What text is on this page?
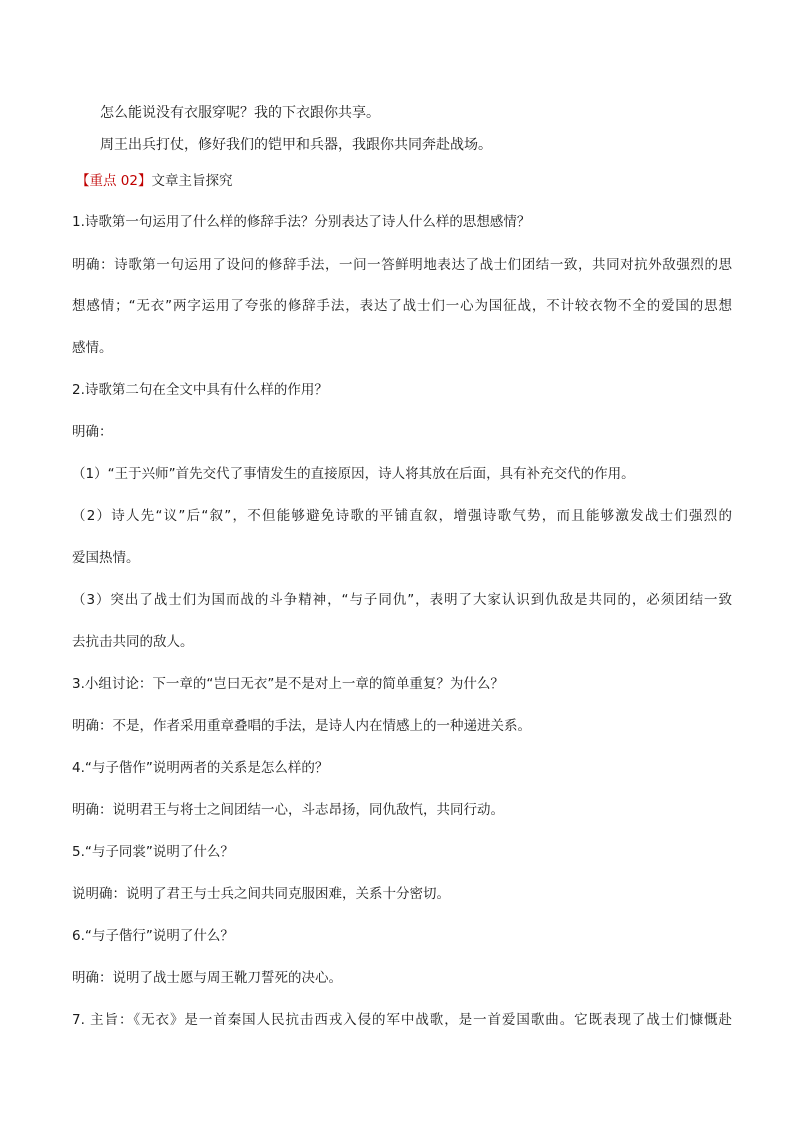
怎么能说没有衣服穿呢？我的下衣跟你共享。
周王出兵打仗，修好我们的铠甲和兵器，我跟你共同奔赴战场。
【重点 02】文章主旨探究
1.诗歌第一句运用了什么样的修辞手法？分别表达了诗人什么样的思想感情？
明确：诗歌第一句运用了设问的修辞手法，一问一答鲜明地表达了战士们团结一致，共同对抗外敌强烈的思
想感情；“无衣”两字运用了夸张的修辞手法，表达了战士们一心为国征战，不计较衣物不全的爱国的思想
感情。
2.诗歌第二句在全文中具有什么样的作用？
明确：
（1）“王于兴师”首先交代了事情发生的直接原因，诗人将其放在后面，具有补充交代的作用。
（2）诗人先“议”后“叙”，不但能够避免诗歌的平铺直叙，增强诗歌气势，而且能够激发战士们强烈的
爱国热情。
（3）突出了战士们为国而战的斗争精神，“与子同仇”，表明了大家认识到仇敌是共同的，必须团结一致
去抗击共同的敌人。
3.小组讨论：下一章的“岂曰无衣”是不是对上一章的简单重复？为什么？
明确：不是，作者采用重章叠唱的手法，是诗人内在情感上的一种递进关系。
4.“与子偕作”说明两者的关系是怎么样的？
明确：说明君王与将士之间团结一心，斗志昂扬，同仇敌忾，共同行动。
5.“与子同裳”说明了什么？
说明确：说明了君王与士兵之间共同克服困难，关系十分密切。
6.“与子偕行”说明了什么？
明确：说明了战士愿与周王靴刀誓死的决心。
7. 主旨：《无衣》是一首秦国人民抗击西戎入侵的军中战歌，是一首爱国歌曲。它既表现了战士们慷慨赴
